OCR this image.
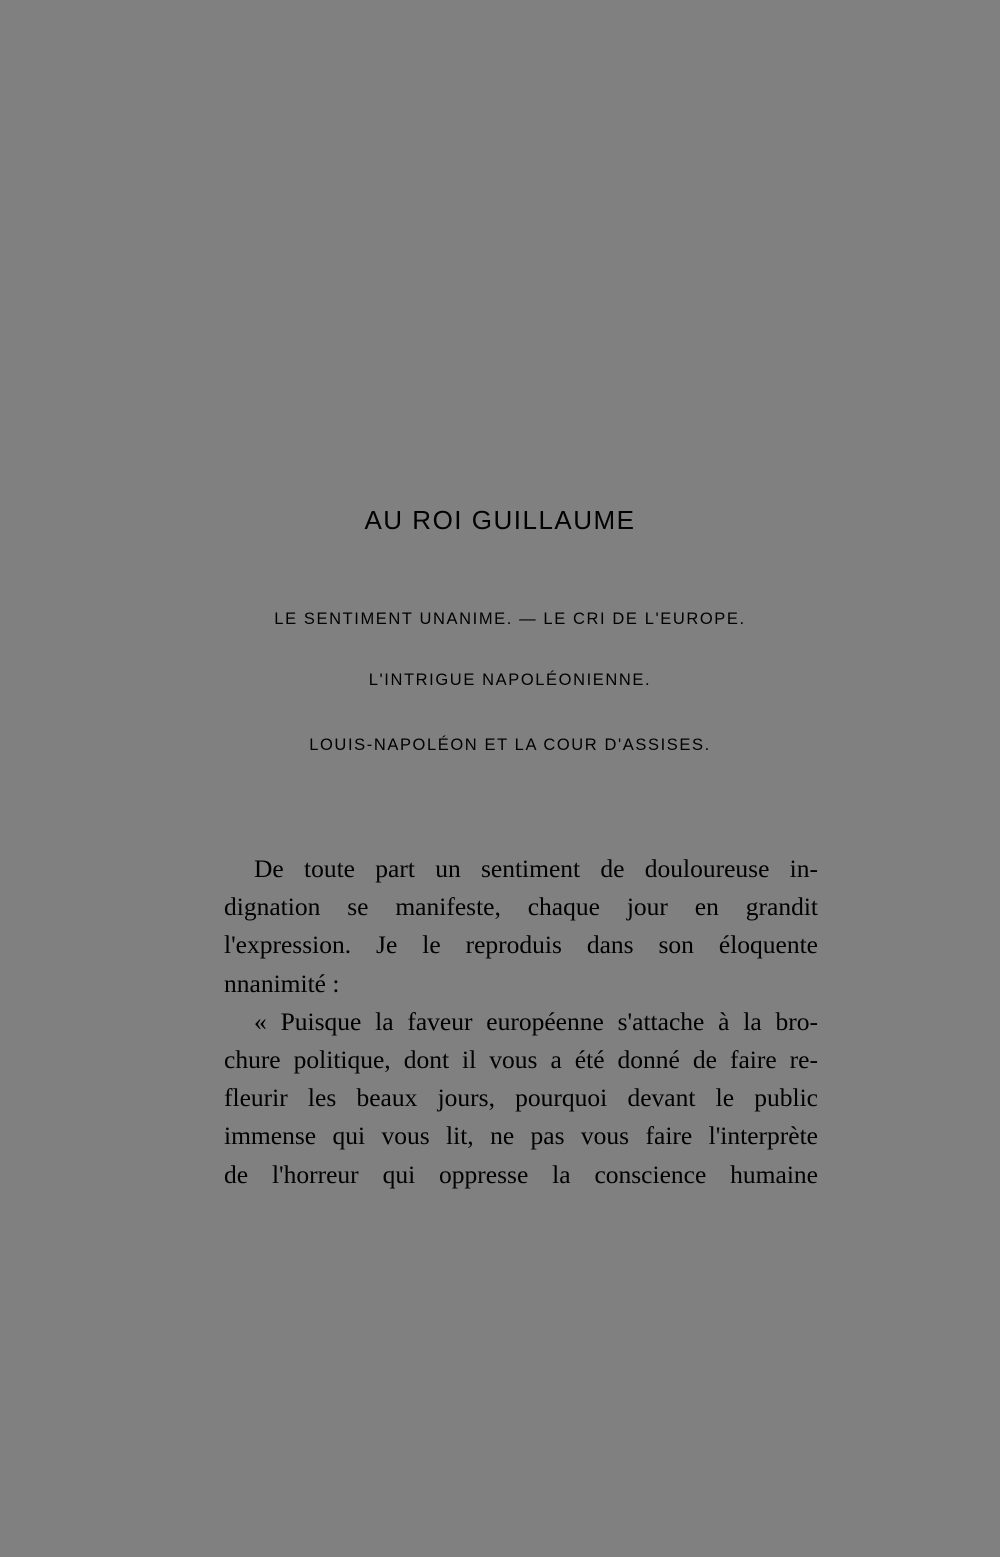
AU ROI GUILLAUME

LE SENTIMENT UNANIME. — LE CRI DE L'EUROPE.

L'INTRIGUE NAPOLÉONIENNE.

LOUIS-NAPOLÉON ET LA COUR D'ASSISES.

De toute part un sentiment de douloureuse in-
dignation se manifeste, chaque jour en grandit
l'expression. Je le reproduis dans son éloquente
nnanimité :
« Puisque la faveur européenne s'attache à la bro-
chure politique, dont il vous a été donné de faire re-
fleurir les beaux jours, pourquoi devant le public
immense qui vous lit, ne pas vous faire l'interprète
de l'horreur qui oppresse la conscience humaine
